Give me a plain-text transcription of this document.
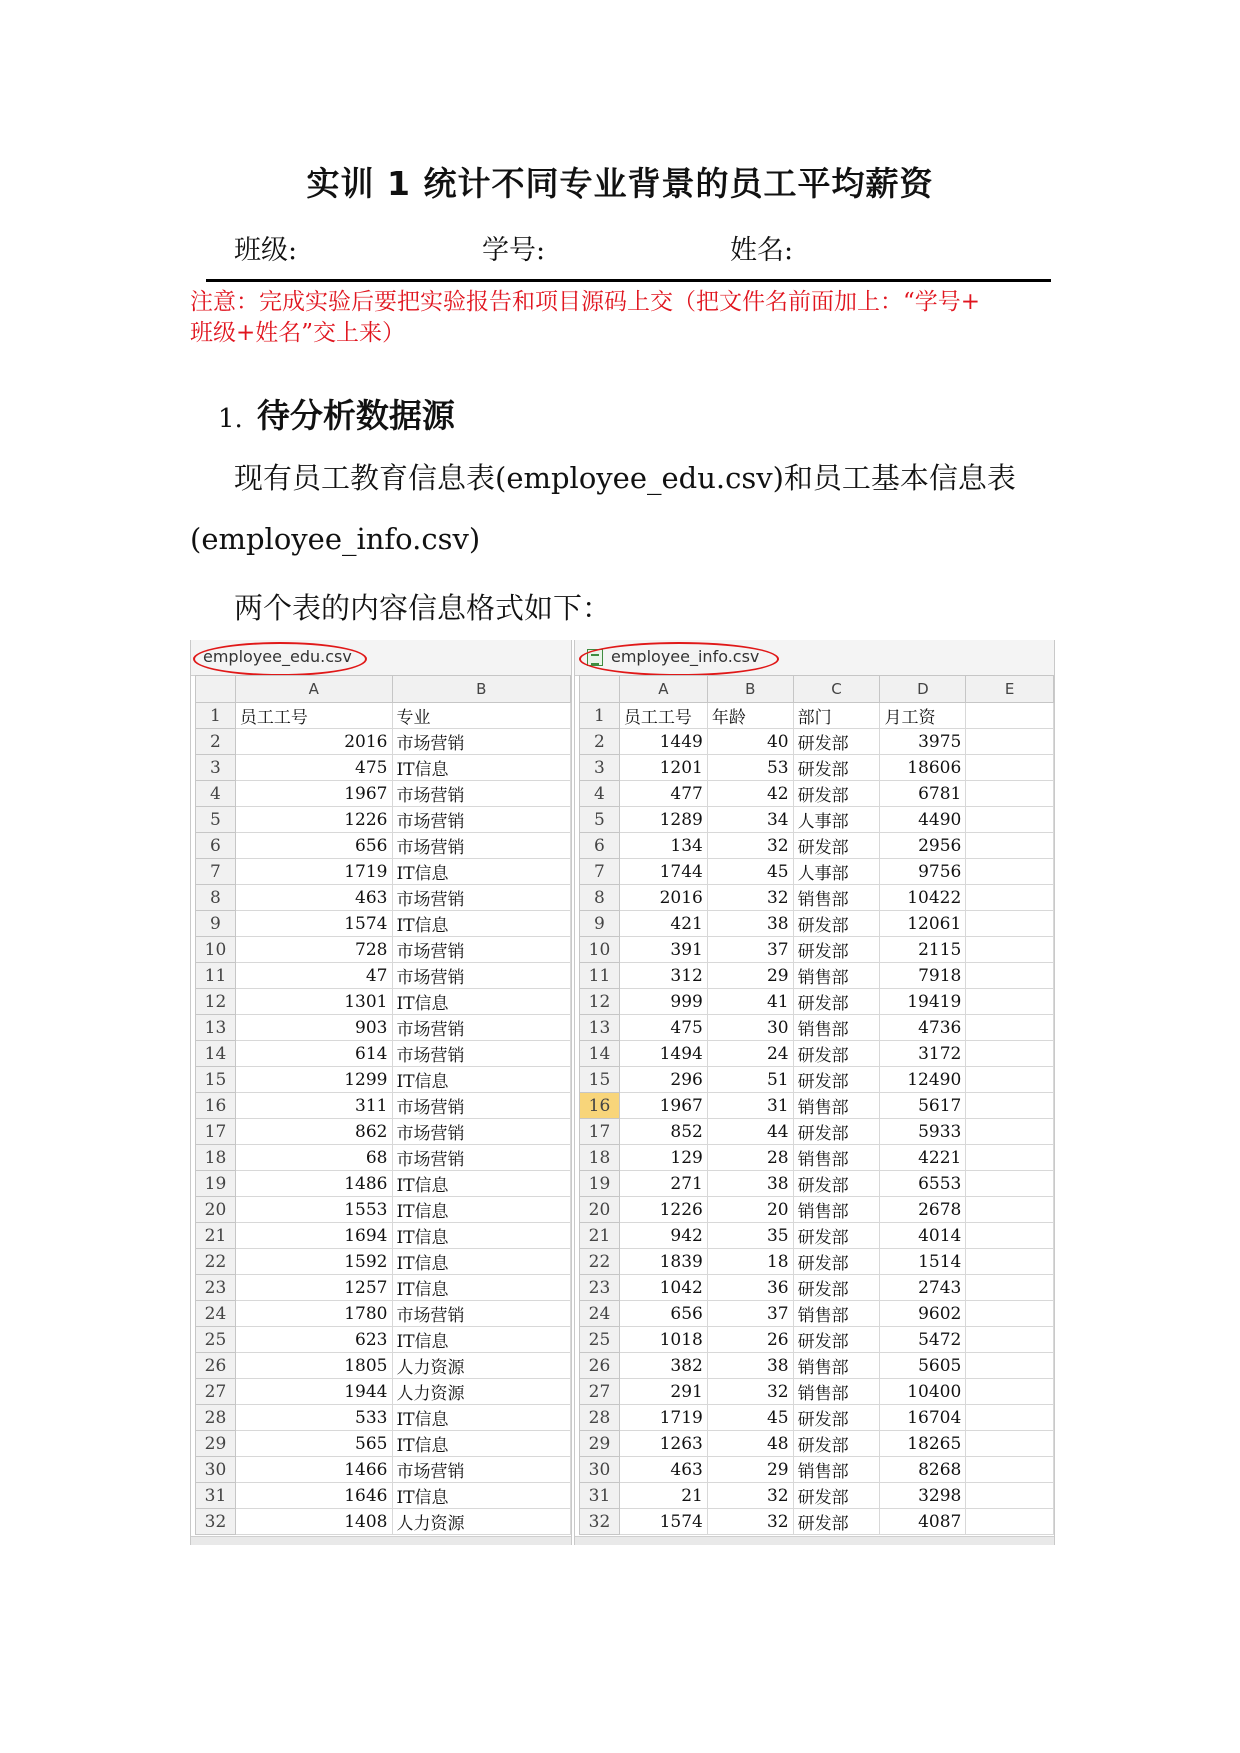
实训 1 统计不同专业背景的员工平均薪资
班级:	学号:	姓名:
注意：完成实验后要把实验报告和项目源码上交（把文件名前面加上：“学号+
班级+姓名”交上来）
1. 待分析数据源
现有员工教育信息表(employee_edu.csv)和员工基本信息表
(employee_info.csv)
两个表的内容信息格式如下：
employee_edu.csv
	A	B
1	员工工号	专业
2	2016	市场营销
3	475	IT信息
4	1967	市场营销
5	1226	市场营销
6	656	市场营销
7	1719	IT信息
8	463	市场营销
9	1574	IT信息
10	728	市场营销
11	47	市场营销
12	1301	IT信息
13	903	市场营销
14	614	市场营销
15	1299	IT信息
16	311	市场营销
17	862	市场营销
18	68	市场营销
19	1486	IT信息
20	1553	IT信息
21	1694	IT信息
22	1592	IT信息
23	1257	IT信息
24	1780	市场营销
25	623	IT信息
26	1805	人力资源
27	1944	人力资源
28	533	IT信息
29	565	IT信息
30	1466	市场营销
31	1646	IT信息
32	1408	人力资源
employee_info.csv
	A	B	C	D	E
1	员工工号	年龄	部门	月工资	
2	1449	40	研发部	3975	
3	1201	53	研发部	18606	
4	477	42	研发部	6781	
5	1289	34	人事部	4490	
6	134	32	研发部	2956	
7	1744	45	人事部	9756	
8	2016	32	销售部	10422	
9	421	38	研发部	12061	
10	391	37	研发部	2115	
11	312	29	销售部	7918	
12	999	41	研发部	19419	
13	475	30	销售部	4736	
14	1494	24	研发部	3172	
15	296	51	研发部	12490	
16	1967	31	销售部	5617	
17	852	44	研发部	5933	
18	129	28	销售部	4221	
19	271	38	研发部	6553	
20	1226	20	销售部	2678	
21	942	35	研发部	4014	
22	1839	18	研发部	1514	
23	1042	36	研发部	2743	
24	656	37	销售部	9602	
25	1018	26	研发部	5472	
26	382	38	销售部	5605	
27	291	32	销售部	10400	
28	1719	45	研发部	16704	
29	1263	48	研发部	18265	
30	463	29	销售部	8268	
31	21	32	研发部	3298	
32	1574	32	研发部	4087	
